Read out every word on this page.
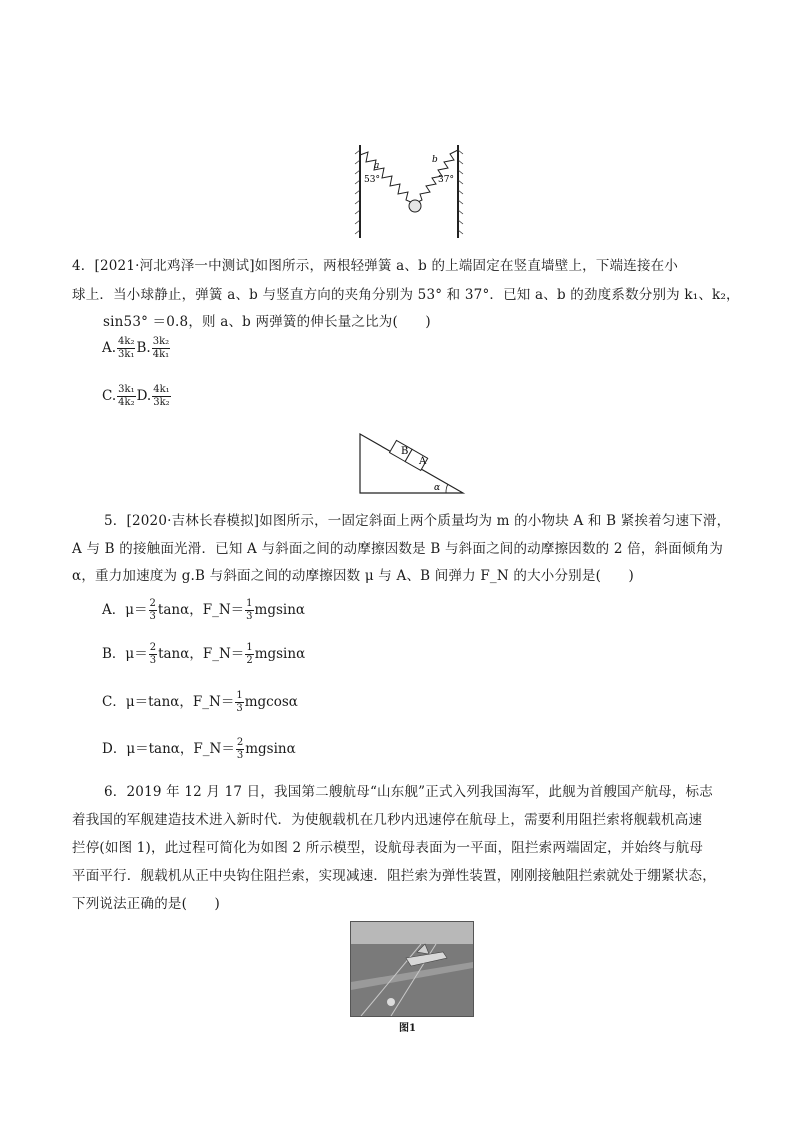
53°	37°
a
b
4．[2021·河北鸡泽一中测试]如图所示，两根轻弹簧 a、b 的上端固定在竖直墙壁上，下端连接在小
球上．当小球静止，弹簧 a、b 与竖直方向的夹角分别为 53° 和 37°．已知 a、b 的劲度系数分别为 k₁、k₂，
sin53° ＝0.8，则 a、b 两弹簧的伸长量之比为(　　)
A. $\frac{\text{4k₂}}{\text{3k₁}} B$. $\frac{\text{3k₂}}{\text{4k₁}}$
C. $\frac{\text{3k₁}}{\text{4k₂}} D$. $\frac{\text{4k₁}}{\text{3k₂}}$
B
A
α
5．[2020·吉林长春模拟]如图所示，一固定斜面上两个质量均为 m 的小物块 A 和 B 紧挨着匀速下滑，
A 与 B 的接触面光滑．已知 A 与斜面之间的动摩擦因数是 B 与斜面之间的动摩擦因数的 2 倍，斜面倾角为
α，重力加速度为 g.B 与斜面之间的动摩擦因数 μ 与 A、B 间弹力 F_N 的大小分别是(　　)
A．$\mu= \frac{2}{3}$ tanα，F_N＝ $\frac{1}{3}$ mgsinα
B．$\mu= \frac{2}{3}$ tanα，F_N＝ $\frac{1}{2}$ mgsinα
C．μ＝tanα，F_N＝ $\frac{1}{3}$ mgcosα
D．μ＝tanα，F_N＝ $\frac{2}{3}$ mgsinα
6．2019 年 12 月 17 日，我国第二艘航母“山东舰”正式入列我国海军，此舰为首艘国产航母，标志
着我国的军舰建造技术进入新时代．为使舰载机在几秒内迅速停在航母上，需要利用阻拦索将舰载机高速
拦停(如图 1)，此过程可简化为如图 2 所示模型，设航母表面为一平面，阻拦索两端固定，并始终与航母
平面平行．舰载机从正中央钩住阻拦索，实现减速．阻拦索为弹性装置，刚刚接触阻拦索就处于绷紧状态，
下列说法正确的是(　　)
图1
